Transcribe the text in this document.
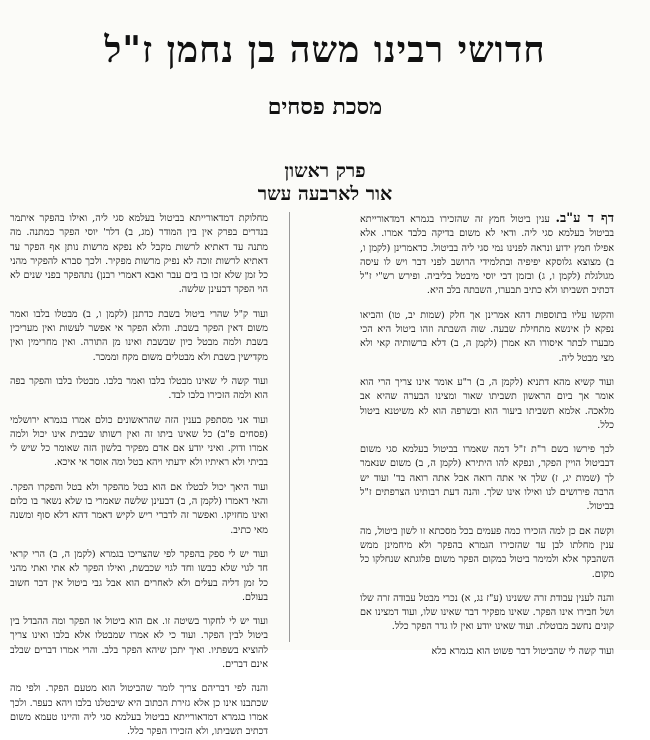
חדושי רבינו משה בן נחמן ז"ל
מסכת פסחים
פרק ראשון
אור לארבעה עשר

דף ד ע"ב. ענין ביטול חמץ זה שהזכירו בגמרא דמדאורייתא בביטול בעלמא סגי ליה. ודאי לא משום בדיקה בלבד אמרו. אלא אפילו חמץ ידוע ונראה לפנינו נמי סגי ליה בביטול. כדאמרינן (לקמן ו, ב) מצוצא גלוסקא יפיפיה ובתלמידי הרושב לפני דבר ויש לו עיסה מגולגלת (לקמן ו, ג) ובזמן דבי יוסי מיבטל בליביה. ופירש רש"י ז"ל דכתיב תשביתו ולא כתיב תבערו, השבתה בלב היא.

והקשו עליו בתוספות דהא אמרינן אך חלק (שמות יב, טו) והביאו נפקא לן אינשא מתחילת שבעה. שוה השבתה וזהו ביטול היא הכי מבערו לבתר איסורו הא אמרן (לקמן ה, ב) דלא ברשותיה קאי ולא מצי מבטל ליה.

ועוד קשיא מהא דתניא (לקמן ה, ב) ר"ע אומר אינו צריך הרי הוא אומר אך ביום הראשון תשביתו שאור ומצינו הבערה שהיא אב מלאכה. אלמא תשביתו ביעור הוא ובשרפה הוא לא משיטנא ביטול כלל.

לכך פירשו בשם ר"ת ז"ל דמה שאמרו בביטול בעלמא סגי משום דבביטול הויין הפקר, ונפקא להו היתירא (לקמן ה, ב) משום שנאמר לך (שמות יג, ז) שלך אי אתה רואה אבל אתה רואה בד' ועוד יש הרבה פירושים לנו ואילו אינו שלך. והנה דעת רבותינו הצרפתים ז"ל בביטול.

וקשה אם כן למה הזכירו כמה פעמים בכל מסכתא זו לשון ביטול, מה ענין מחלתו לבן עד שהזכירו הגמרא בהפקר ולא מיחמינן ממש השהבקר אלא ולמימר ביטול במקום הפקר משום פלוגתא שנחלקו כל מקום.

והנה לענין עבודת זרה ששנינו (ע"ז נג, א) נכרי מבטל עבודה זרה שלו ושל חבירו אינו הפקר. שאינו מפקיר דבר שאינו שלו, ועוד דמצינו אם קונים נחשב מבוטלת. ועוד שאינו יודע ואין לו גדר הפקר כלל.

ועוד קשה לי שהביטול דבר פשוט הוא בגמרא בלא

מחלוקת דמדאורייתא בביטול בעלמא סגי ליה, ואילו בהפקר איתמר בנדרים בפרק אין בין המודר (מג, ב) דלר' יוסי הפקר כמתנה. מה מתנה עד דאתיא לרשות מקבל לא נפקא מרשות נותן אף הפקר עד דאתיא לרשות זוכה לא נפיק מרשות מפקיר. ולכך סברא להפקיר מהני כל זמן שלא זכו בו בים עבר ואבא דאמרי רבנן) נתהפקר בפני שנים לא הוי הפקר דבעינן שלשה.

ועוד ק"ל שהרי ביטול בשבת כדתנן (לקמן ו, ב) מבטלו בלבו ואמר משום דאין הפקר בשבת. והלא הפקר אי אפשר לעשות ואין מעריכין בשבת ולמה מבטל כיון שבשבת ואינו מן התורה. ואין מחרימין ואין מקדישין בשבת ולא מבטלים משום מקח וממכר.

ועוד קשה לי שאינו מבטלו בלבו ואמר בלבו. מבטלו בלבו והפקר בפה הוא ולמה הזכירו בלבו לבד.

ועוד אני מסתפק בענין הזה שהראשונים כולם אמרו בגמרא ירושלמי (פסחים פ"ב) כל שאינו ביתו זה ואין רשותו שבבית אינו יכול ולמה אמרו ודוק. ואיני יודע אם אדם מפקיר בלשון הזה שאומר כל שיש לי בביתי ולא ראיתיו ולא ידעתי ויהא בטל ומה אוסר אי איכא.

ועוד היאך יכול לבטלו אם הוא בטל מהפקר ולא בטל והפקרו הפקר. והאי דאמרו (לקמן ה, ב) דבעינן שלשה שאמרי בו שלא נשאר בו כלום ואינו מחזיקו. ואפשר זה לדברי ריש לקיש דאמר דהא דלא סוף ומשנה מאי כתיב.

ועוד יש לי ספק בהפקר לפי שהצריכו בגמרא (לקמן ה, ב) הרי קראי חד לגוי שלא כבשו וחד לגוי שכבשת, ואילו הפקר לא אתי ואתי מהני כל זמן דליה בעלים ולא לאחרים הוא אבל גבי ביטול אין דבר חשוב בעולם.

ועוד יש לי לחקור בשיטה זו. אם הוא ביטול או הפקר ומה ההבדל בין ביטול לבין הפקר. ועוד כי לא אמרו שמבטלו אלא בלבו ואינו צריך להוציא בשפתיו. ואיך יתכן שיהא הפקר בלב. והרי אמרו דברים שבלב אינם דברים.

והנה לפי דבריהם צריך לומר שהביטול הוא מטעם הפקר. ולפי מה שכתבנו אינו כן אלא גזירת הכתוב היא שיבטלנו בלבו ויהא כעפר. ולכך אמרו בגמרא דמדאורייתא בביטול בעלמא סגי ליה והיינו טעמא משום דכתיב תשביתו, ולא הזכירו הפקר כלל.
